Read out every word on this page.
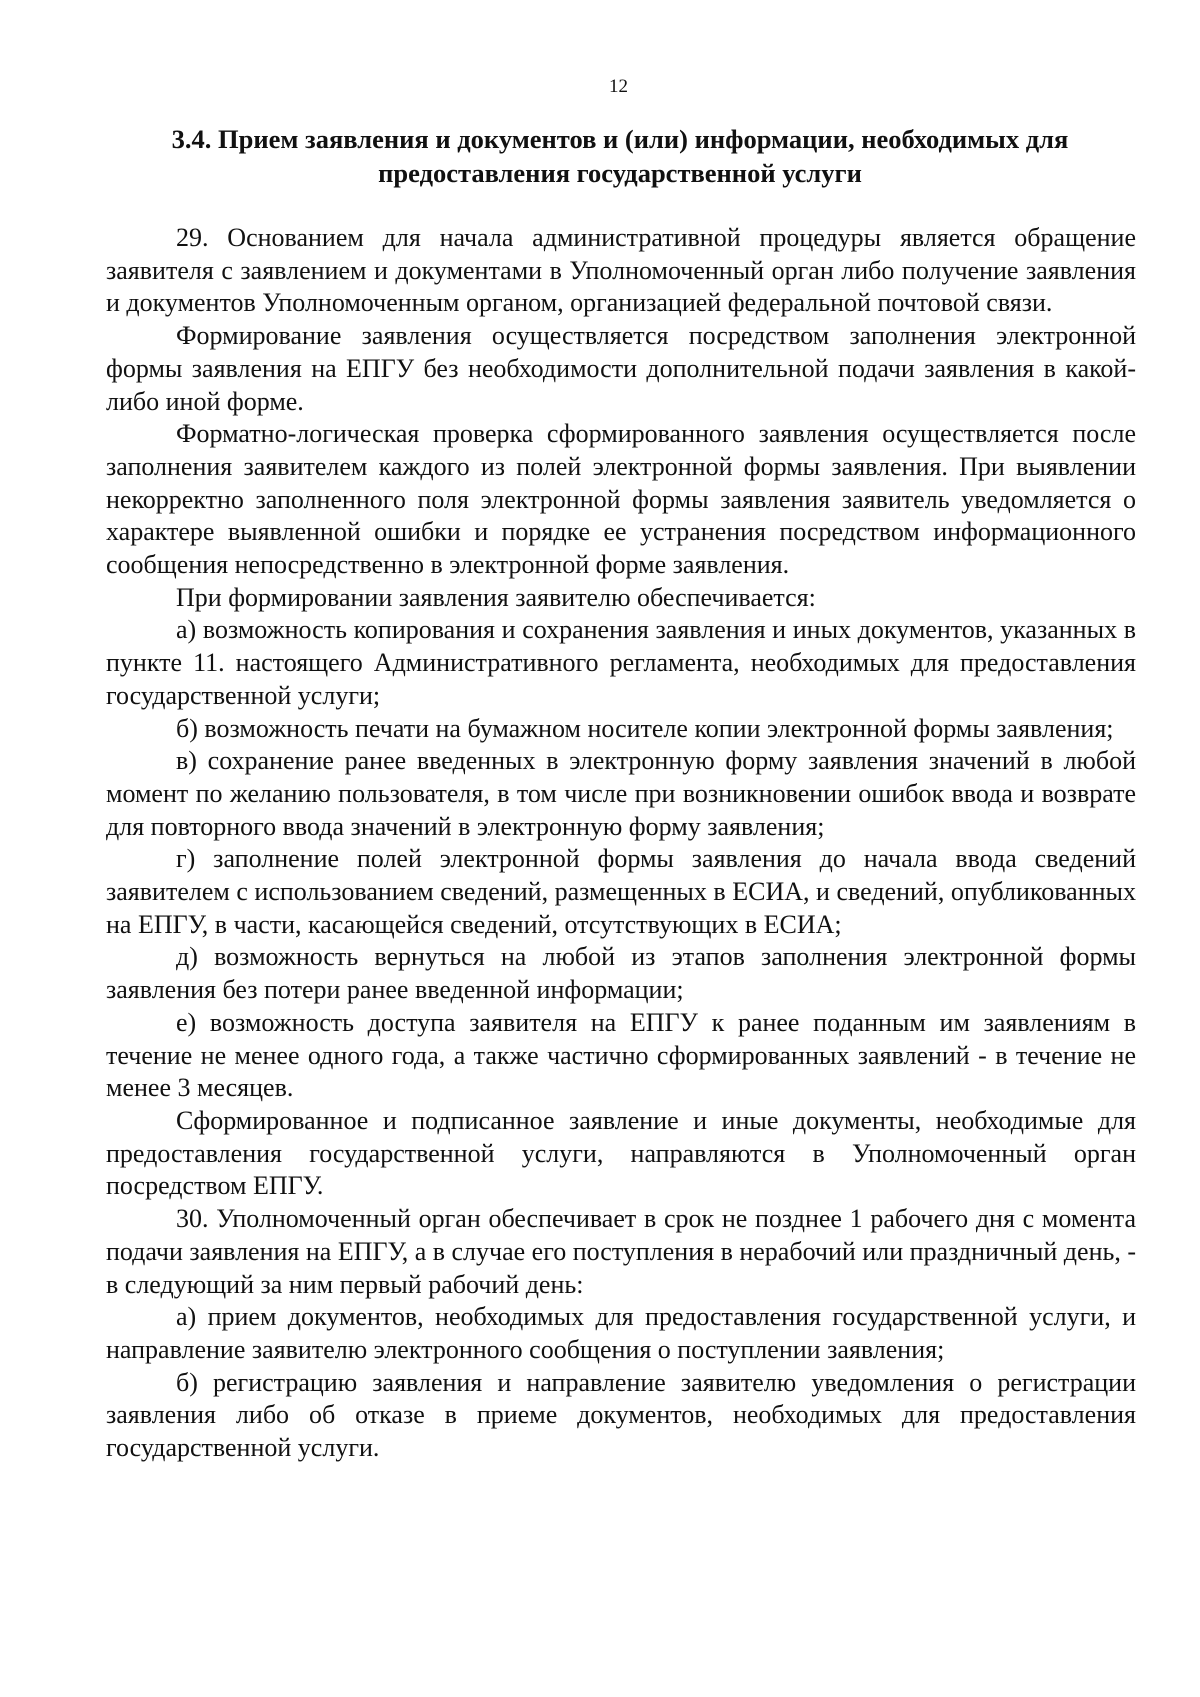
12
3.4. Прием заявления и документов и (или) информации, необходимых для
предоставления государственной услуги

29. Основанием для начала административной процедуры является обращение заявителя с заявлением и документами в Уполномоченный орган либо получение заявления и документов Уполномоченным органом, организацией федеральной почтовой связи.

Формирование заявления осуществляется посредством заполнения электронной формы заявления на ЕПГУ без необходимости дополнительной подачи заявления в какой-либо иной форме.

Форматно-логическая проверка сформированного заявления осуществляется после заполнения заявителем каждого из полей электронной формы заявления. При выявлении некорректно заполненного поля электронной формы заявления заявитель уведомляется о характере выявленной ошибки и порядке ее устранения посредством информационного сообщения непосредственно в электронной форме заявления.

При формировании заявления заявителю обеспечивается:

а) возможность копирования и сохранения заявления и иных документов, указанных в пункте 11. настоящего Административного регламента, необходимых для предоставления государственной услуги;

б) возможность печати на бумажном носителе копии электронной формы заявления;

в) сохранение ранее введенных в электронную форму заявления значений в любой момент по желанию пользователя, в том числе при возникновении ошибок ввода и возврате для повторного ввода значений в электронную форму заявления;

г) заполнение полей электронной формы заявления до начала ввода сведений заявителем с использованием сведений, размещенных в ЕСИА, и сведений, опубликованных на ЕПГУ, в части, касающейся сведений, отсутствующих в ЕСИА;

д) возможность вернуться на любой из этапов заполнения электронной формы заявления без потери ранее введенной информации;

е) возможность доступа заявителя на ЕПГУ к ранее поданным им заявлениям в течение не менее одного года, а также частично сформированных заявлений - в течение не менее 3 месяцев.

Сформированное и подписанное заявление и иные документы, необходимые для предоставления государственной услуги, направляются в Уполномоченный орган посредством ЕПГУ.

30. Уполномоченный орган обеспечивает в срок не позднее 1 рабочего дня с момента подачи заявления на ЕПГУ, а в случае его поступления в нерабочий или праздничный день, - в следующий за ним первый рабочий день:

а) прием документов, необходимых для предоставления государственной услуги, и направление заявителю электронного сообщения о поступлении заявления;

б) регистрацию заявления и направление заявителю уведомления о регистрации заявления либо об отказе в приеме документов, необходимых для предоставления государственной услуги.
